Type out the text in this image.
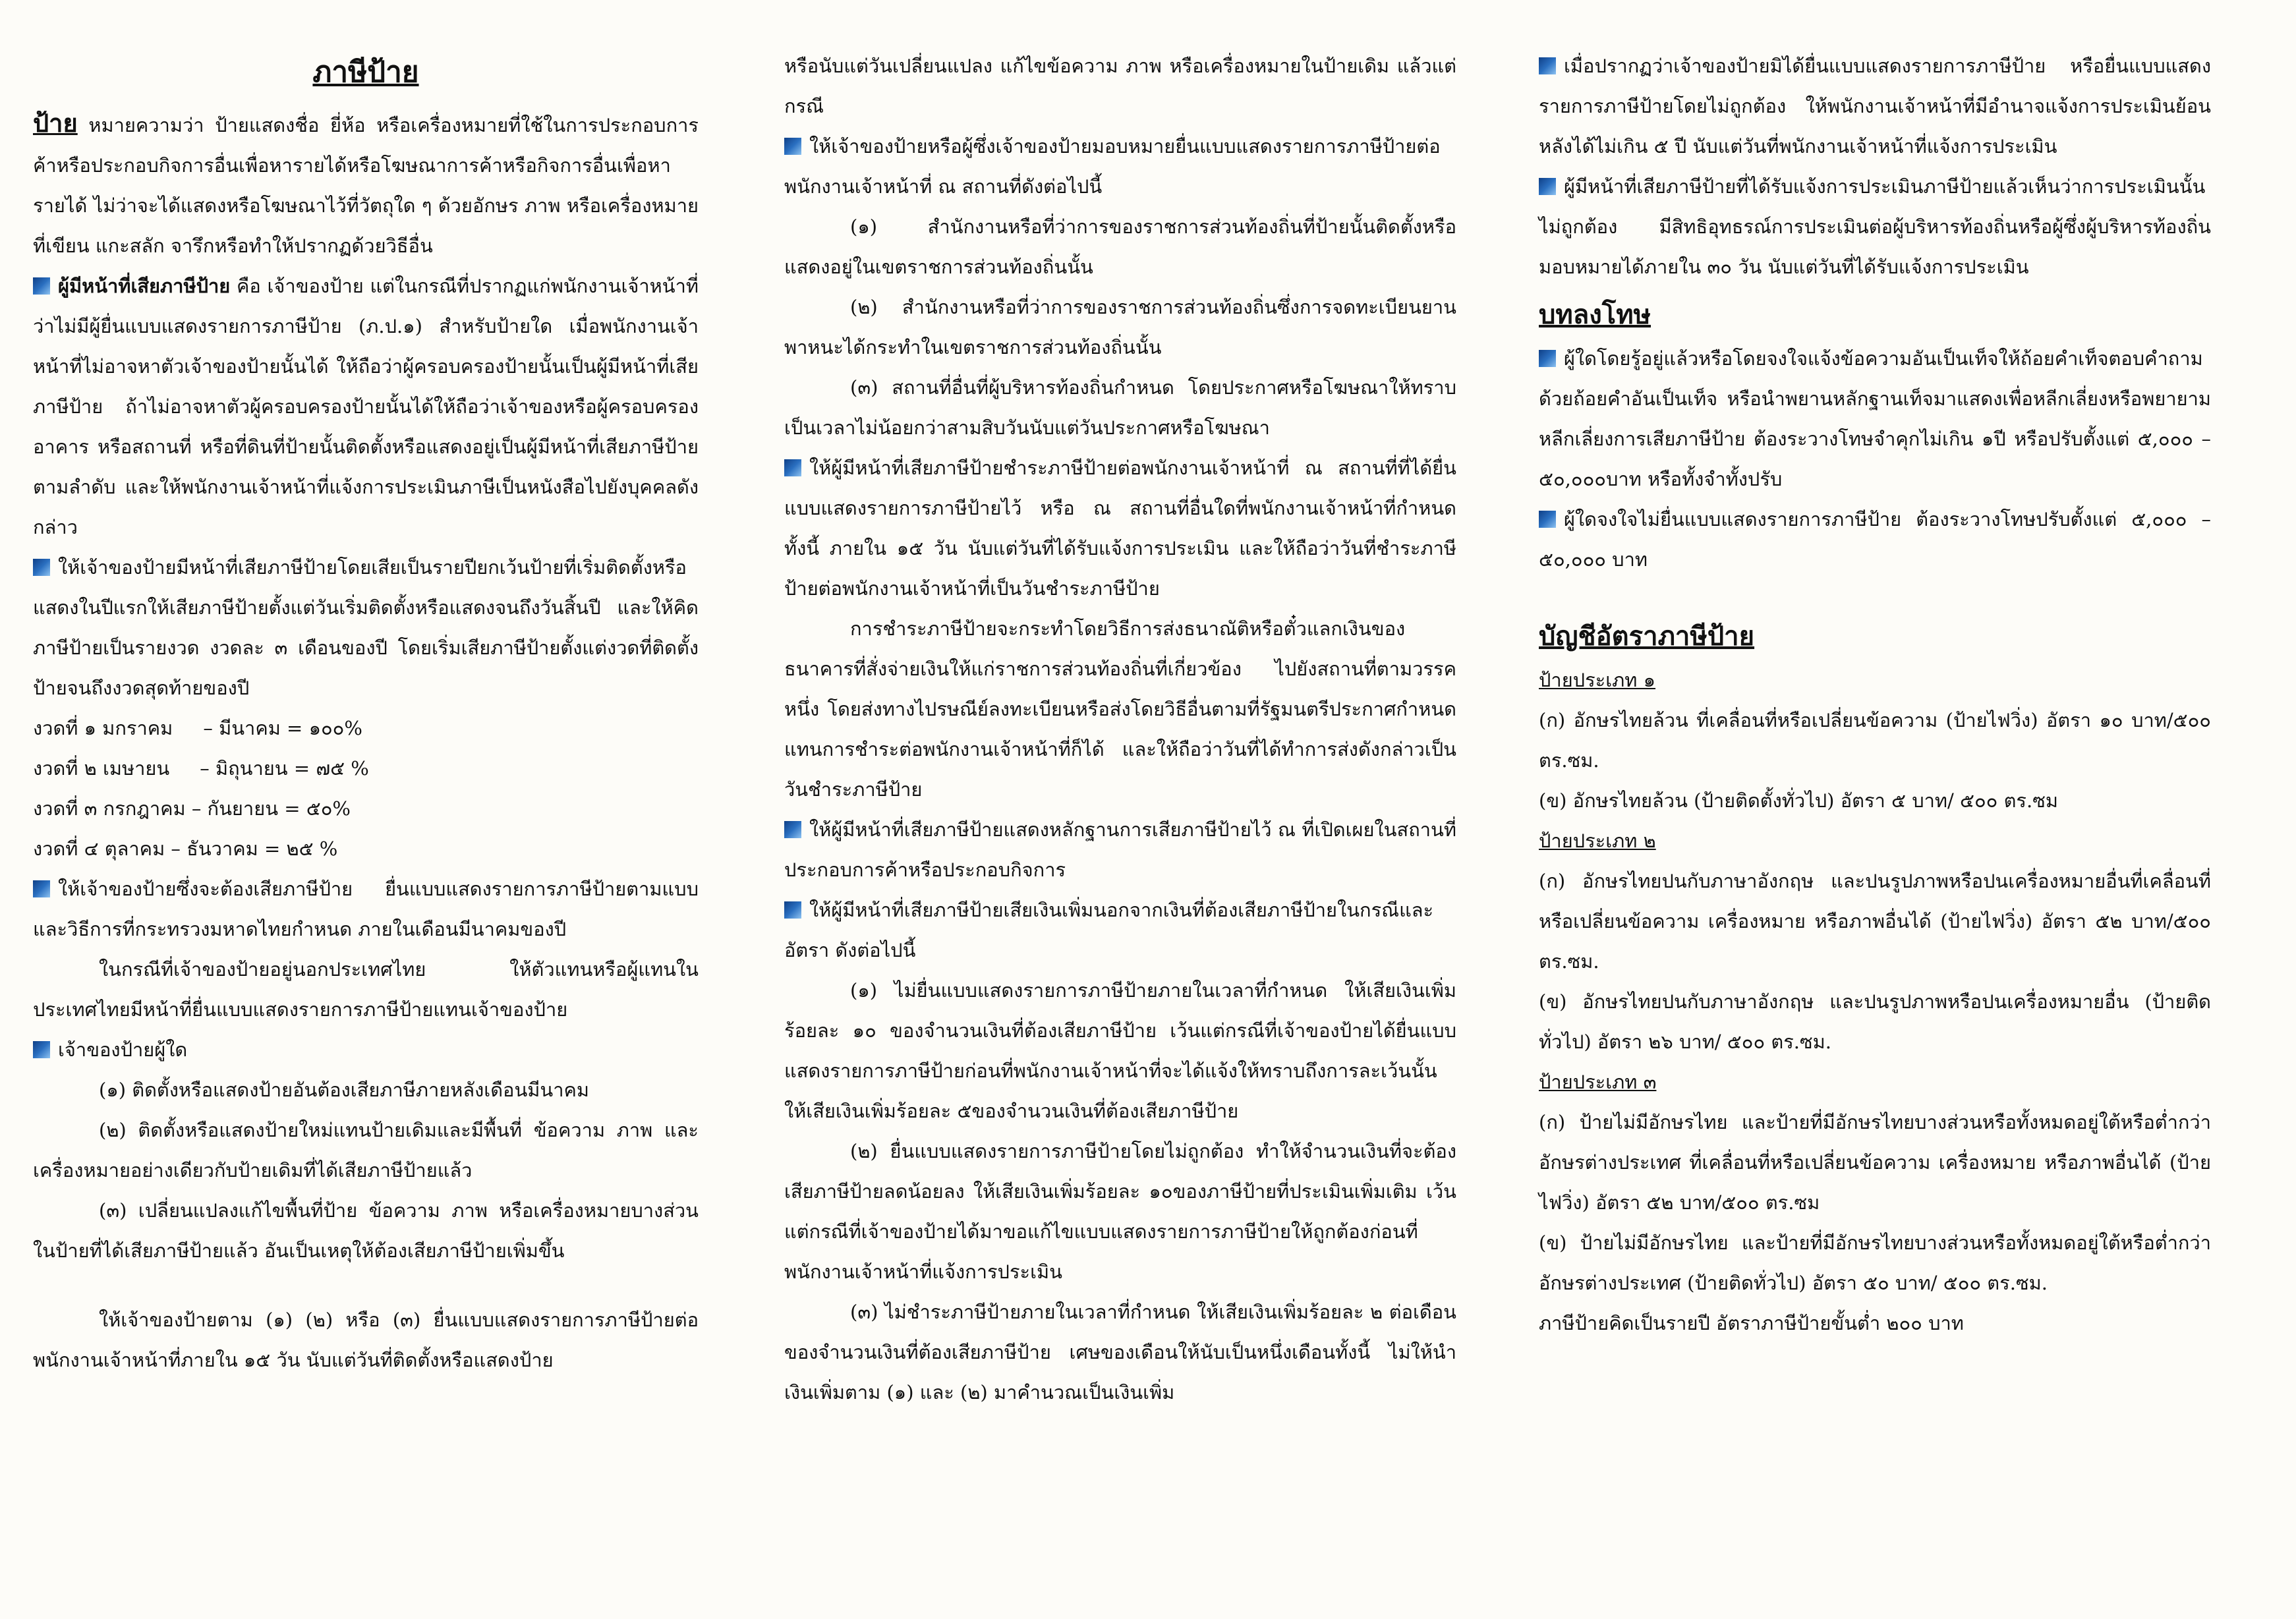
ภาษีป้าย

ป้าย หมายความว่า ป้ายแสดงชื่อ ยี่ห้อ หรือเครื่องหมายที่ใช้ในการประกอบการค้าหรือประกอบกิจการอื่นเพื่อหารายได้หรือโฆษณาการค้าหรือกิจการอื่นเพื่อหารายได้ ไม่ว่าจะได้แสดงหรือโฆษณาไว้ที่วัตถุใด ๆ ด้วยอักษร ภาพ หรือเครื่องหมายที่เขียน แกะสลัก จารึกหรือทำให้ปรากฏด้วยวิธีอื่น

ผู้มีหน้าที่เสียภาษีป้าย คือ เจ้าของป้าย แต่ในกรณีที่ปรากฏแก่พนักงานเจ้าหน้าที่ว่าไม่มีผู้ยื่นแบบแสดงรายการภาษีป้าย (ภ.ป.๑) สำหรับป้ายใด เมื่อพนักงานเจ้าหน้าที่ไม่อาจหาตัวเจ้าของป้ายนั้นได้ ให้ถือว่าผู้ครอบครองป้ายนั้นเป็นผู้มีหน้าที่เสียภาษีป้าย ถ้าไม่อาจหาตัวผู้ครอบครองป้ายนั้นได้ให้ถือว่าเจ้าของหรือผู้ครอบครองอาคาร หรือสถานที่ หรือที่ดินที่ป้ายนั้นติดตั้งหรือแสดงอยู่เป็นผู้มีหน้าที่เสียภาษีป้ายตามลำดับ และให้พนักงานเจ้าหน้าที่แจ้งการประเมินภาษีเป็นหนังสือไปยังบุคคลดังกล่าว

ให้เจ้าของป้ายมีหน้าที่เสียภาษีป้ายโดยเสียเป็นรายปียกเว้นป้ายที่เริ่มติดตั้งหรือแสดงในปีแรกให้เสียภาษีป้ายตั้งแต่วันเริ่มติดตั้งหรือแสดงจนถึงวันสิ้นปี และให้คิดภาษีป้ายเป็นรายงวด งวดละ ๓ เดือนของปี โดยเริ่มเสียภาษีป้ายตั้งแต่งวดที่ติดตั้งป้ายจนถึงงวดสุดท้ายของปี

งวดที่ ๑ มกราคม     – มีนาคม = ๑๐๐%
งวดที่ ๒ เมษายน     – มิถุนายน = ๗๕ %
งวดที่ ๓ กรกฎาคม – กันยายน = ๕๐%
งวดที่ ๔ ตุลาคม – ธันวาคม = ๒๕ %

ให้เจ้าของป้ายซึ่งจะต้องเสียภาษีป้าย ยื่นแบบแสดงรายการภาษีป้ายตามแบบและวิธีการที่กระทรวงมหาดไทยกำหนด ภายในเดือนมีนาคมของปี

ในกรณีที่เจ้าของป้ายอยู่นอกประเทศไทย ให้ตัวแทนหรือผู้แทนในประเทศไทยมีหน้าที่ยื่นแบบแสดงรายการภาษีป้ายแทนเจ้าของป้าย

เจ้าของป้ายผู้ใด

(๑) ติดตั้งหรือแสดงป้ายอันต้องเสียภาษีภายหลังเดือนมีนาคม

(๒) ติดตั้งหรือแสดงป้ายใหม่แทนป้ายเดิมและมีพื้นที่ ข้อความ ภาพ และเครื่องหมายอย่างเดียวกับป้ายเดิมที่ได้เสียภาษีป้ายแล้ว

(๓) เปลี่ยนแปลงแก้ไขพื้นที่ป้าย ข้อความ ภาพ หรือเครื่องหมายบางส่วนในป้ายที่ได้เสียภาษีป้ายแล้ว อันเป็นเหตุให้ต้องเสียภาษีป้ายเพิ่มขึ้น

ให้เจ้าของป้ายตาม (๑) (๒) หรือ (๓) ยื่นแบบแสดงรายการภาษีป้ายต่อพนักงานเจ้าหน้าที่ภายใน ๑๕ วัน นับแต่วันที่ติดตั้งหรือแสดงป้าย

หรือนับแต่วันเปลี่ยนแปลง แก้ไขข้อความ ภาพ หรือเครื่องหมายในป้ายเดิม แล้วแต่กรณี

ให้เจ้าของป้ายหรือผู้ซึ่งเจ้าของป้ายมอบหมายยื่นแบบแสดงรายการภาษีป้ายต่อพนักงานเจ้าหน้าที่ ณ สถานที่ดังต่อไปนี้

(๑) สำนักงานหรือที่ว่าการของราชการส่วนท้องถิ่นที่ป้ายนั้นติดตั้งหรือแสดงอยู่ในเขตราชการส่วนท้องถิ่นนั้น

(๒) สำนักงานหรือที่ว่าการของราชการส่วนท้องถิ่นซึ่งการจดทะเบียนยานพาหนะได้กระทำในเขตราชการส่วนท้องถิ่นนั้น

(๓) สถานที่อื่นที่ผู้บริหารท้องถิ่นกำหนด โดยประกาศหรือโฆษณาให้ทราบเป็นเวลาไม่น้อยกว่าสามสิบวันนับแต่วันประกาศหรือโฆษณา

ให้ผู้มีหน้าที่เสียภาษีป้ายชำระภาษีป้ายต่อพนักงานเจ้าหน้าที่ ณ สถานที่ที่ได้ยื่นแบบแสดงรายการภาษีป้ายไว้ หรือ ณ สถานที่อื่นใดที่พนักงานเจ้าหน้าที่กำหนด ทั้งนี้ ภายใน ๑๕ วัน นับแต่วันที่ได้รับแจ้งการประเมิน และให้ถือว่าวันที่ชำระภาษีป้ายต่อพนักงานเจ้าหน้าที่เป็นวันชำระภาษีป้าย

การชำระภาษีป้ายจะกระทำโดยวิธีการส่งธนาณัติหรือตั๋วแลกเงินของธนาคารที่สั่งจ่ายเงินให้แก่ราชการส่วนท้องถิ่นที่เกี่ยวข้อง ไปยังสถานที่ตามวรรคหนึ่ง โดยส่งทางไปรษณีย์ลงทะเบียนหรือส่งโดยวิธีอื่นตามที่รัฐมนตรีประกาศกำหนดแทนการชำระต่อพนักงานเจ้าหน้าที่ก็ได้ และให้ถือว่าวันที่ได้ทำการส่งดังกล่าวเป็นวันชำระภาษีป้าย

ให้ผู้มีหน้าที่เสียภาษีป้ายแสดงหลักฐานการเสียภาษีป้ายไว้ ณ ที่เปิดเผยในสถานที่ประกอบการค้าหรือประกอบกิจการ

ให้ผู้มีหน้าที่เสียภาษีป้ายเสียเงินเพิ่มนอกจากเงินที่ต้องเสียภาษีป้ายในกรณีและอัตรา ดังต่อไปนี้

(๑) ไม่ยื่นแบบแสดงรายการภาษีป้ายภายในเวลาที่กำหนด ให้เสียเงินเพิ่มร้อยละ ๑๐ ของจำนวนเงินที่ต้องเสียภาษีป้าย เว้นแต่กรณีที่เจ้าของป้ายได้ยื่นแบบแสดงรายการภาษีป้ายก่อนที่พนักงานเจ้าหน้าที่จะได้แจ้งให้ทราบถึงการละเว้นนั้นให้เสียเงินเพิ่มร้อยละ ๕ของจำนวนเงินที่ต้องเสียภาษีป้าย

(๒) ยื่นแบบแสดงรายการภาษีป้ายโดยไม่ถูกต้อง ทำให้จำนวนเงินที่จะต้องเสียภาษีป้ายลดน้อยลง ให้เสียเงินเพิ่มร้อยละ ๑๐ของภาษีป้ายที่ประเมินเพิ่มเติม เว้นแต่กรณีที่เจ้าของป้ายได้มาขอแก้ไขแบบแสดงรายการภาษีป้ายให้ถูกต้องก่อนที่พนักงานเจ้าหน้าที่แจ้งการประเมิน

(๓) ไม่ชำระภาษีป้ายภายในเวลาที่กำหนด ให้เสียเงินเพิ่มร้อยละ ๒ ต่อเดือนของจำนวนเงินที่ต้องเสียภาษีป้าย เศษของเดือนให้นับเป็นหนึ่งเดือนทั้งนี้ ไม่ให้นำเงินเพิ่มตาม (๑) และ (๒) มาคำนวณเป็นเงินเพิ่ม

เมื่อปรากฏว่าเจ้าของป้ายมิได้ยื่นแบบแสดงรายการภาษีป้าย หรือยื่นแบบแสดงรายการภาษีป้ายโดยไม่ถูกต้อง ให้พนักงานเจ้าหน้าที่มีอำนาจแจ้งการประเมินย้อนหลังได้ไม่เกิน ๕ ปี นับแต่วันที่พนักงานเจ้าหน้าที่แจ้งการประเมิน

ผู้มีหน้าที่เสียภาษีป้ายที่ได้รับแจ้งการประเมินภาษีป้ายแล้วเห็นว่าการประเมินนั้นไม่ถูกต้อง มีสิทธิอุทธรณ์การประเมินต่อผู้บริหารท้องถิ่นหรือผู้ซึ่งผู้บริหารท้องถิ่นมอบหมายได้ภายใน ๓๐ วัน นับแต่วันที่ได้รับแจ้งการประเมิน

บทลงโทษ

ผู้ใดโดยรู้อยู่แล้วหรือโดยจงใจแจ้งข้อความอันเป็นเท็จให้ถ้อยคำเท็จตอบคำถามด้วยถ้อยคำอันเป็นเท็จ หรือนำพยานหลักฐานเท็จมาแสดงเพื่อหลีกเลี่ยงหรือพยายามหลีกเลี่ยงการเสียภาษีป้าย ต้องระวางโทษจำคุกไม่เกิน ๑ปี หรือปรับตั้งแต่ ๕,๐๐๐ – ๕๐,๐๐๐บาท หรือทั้งจำทั้งปรับ

ผู้ใดจงใจไม่ยื่นแบบแสดงรายการภาษีป้าย ต้องระวางโทษปรับตั้งแต่ ๕,๐๐๐ – ๕๐,๐๐๐ บาท

บัญชีอัตราภาษีป้าย
ป้ายประเภท ๑

(ก) อักษรไทยล้วน ที่เคลื่อนที่หรือเปลี่ยนข้อความ (ป้ายไฟวิ่ง) อัตรา ๑๐ บาท/๕๐๐ ตร.ซม.

(ข) อักษรไทยล้วน (ป้ายติดตั้งทั่วไป) อัตรา ๕ บาท/ ๕๐๐ ตร.ซม

ป้ายประเภท ๒

(ก) อักษรไทยปนกับภาษาอังกฤษ และปนรูปภาพหรือปนเครื่องหมายอื่นที่เคลื่อนที่หรือเปลี่ยนข้อความ เครื่องหมาย หรือภาพอื่นได้ (ป้ายไฟวิ่ง) อัตรา ๕๒ บาท/๕๐๐ ตร.ซม.

(ข) อักษรไทยปนกับภาษาอังกฤษ และปนรูปภาพหรือปนเครื่องหมายอื่น (ป้ายติดทั่วไป) อัตรา ๒๖ บาท/ ๕๐๐ ตร.ซม.

ป้ายประเภท ๓

(ก) ป้ายไม่มีอักษรไทย และป้ายที่มีอักษรไทยบางส่วนหรือทั้งหมดอยู่ใต้หรือต่ำกว่าอักษรต่างประเทศ ที่เคลื่อนที่หรือเปลี่ยนข้อความ เครื่องหมาย หรือภาพอื่นได้ (ป้ายไฟวิ่ง) อัตรา ๕๒ บาท/๕๐๐ ตร.ซม

(ข) ป้ายไม่มีอักษรไทย และป้ายที่มีอักษรไทยบางส่วนหรือทั้งหมดอยู่ใต้หรือต่ำกว่าอักษรต่างประเทศ (ป้ายติดทั่วไป) อัตรา ๕๐ บาท/ ๕๐๐ ตร.ซม.

ภาษีป้ายคิดเป็นรายปี อัตราภาษีป้ายขั้นต่ำ ๒๐๐ บาท
